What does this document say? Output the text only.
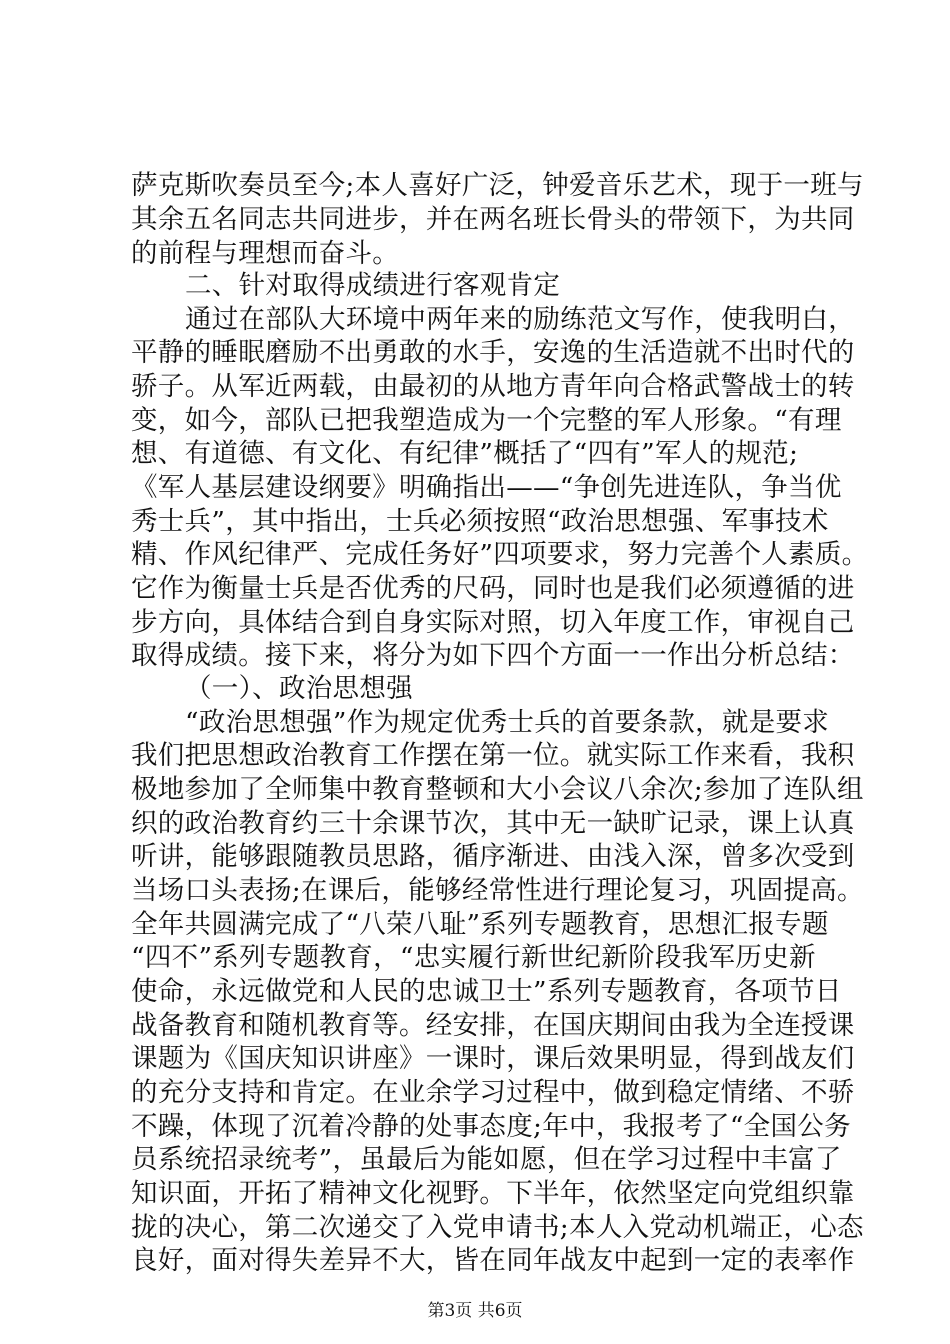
萨克斯吹奏员至今;本人喜好广泛，钟爱音乐艺术，现于一班与
其余五名同志共同进步，并在两名班长骨头的带领下，为共同
的前程与理想而奋斗。
二、针对取得成绩进行客观肯定
通过在部队大环境中两年来的励练范文写作，使我明白，
平静的睡眠磨励不出勇敢的水手，安逸的生活造就不出时代的
骄子。从军近两载，由最初的从地方青年向合格武警战士的转
变，如今，部队已把我塑造成为一个完整的军人形象。“有理
想、有道德、有文化、有纪律”概括了“四有”军人的规范;
《军人基层建设纲要》明确指出——“争创先进连队，争当优
秀士兵”，其中指出，士兵必须按照“政治思想强、军事技术
精、作风纪律严、完成任务好”四项要求，努力完善个人素质。
它作为衡量士兵是否优秀的尺码，同时也是我们必须遵循的进
步方向，具体结合到自身实际对照，切入年度工作，审视自己
取得成绩。接下来，将分为如下四个方面一一作出分析总结：
（一）、政治思想强
“政治思想强”作为规定优秀士兵的首要条款，就是要求
我们把思想政治教育工作摆在第一位。就实际工作来看，我积
极地参加了全师集中教育整顿和大小会议八余次;参加了连队组
织的政治教育约三十余课节次，其中无一缺旷记录，课上认真
听讲，能够跟随教员思路，循序渐进、由浅入深，曾多次受到
当场口头表扬;在课后，能够经常性进行理论复习，巩固提高。
全年共圆满完成了“八荣八耻”系列专题教育，思想汇报专题
“四不”系列专题教育，“忠实履行新世纪新阶段我军历史新
使命，永远做党和人民的忠诚卫士”系列专题教育，各项节日
战备教育和随机教育等。经安排，在国庆期间由我为全连授课
课题为《国庆知识讲座》一课时，课后效果明显，得到战友们
的充分支持和肯定。在业余学习过程中，做到稳定情绪、不骄
不躁，体现了沉着冷静的处事态度;年中，我报考了“全国公务
员系统招录统考”，虽最后为能如愿，但在学习过程中丰富了
知识面，开拓了精神文化视野。下半年，依然坚定向党组织靠
拢的决心，第二次递交了入党申请书;本人入党动机端正，心态
良好，面对得失差异不大，皆在同年战友中起到一定的表率作
第3页 共6页
